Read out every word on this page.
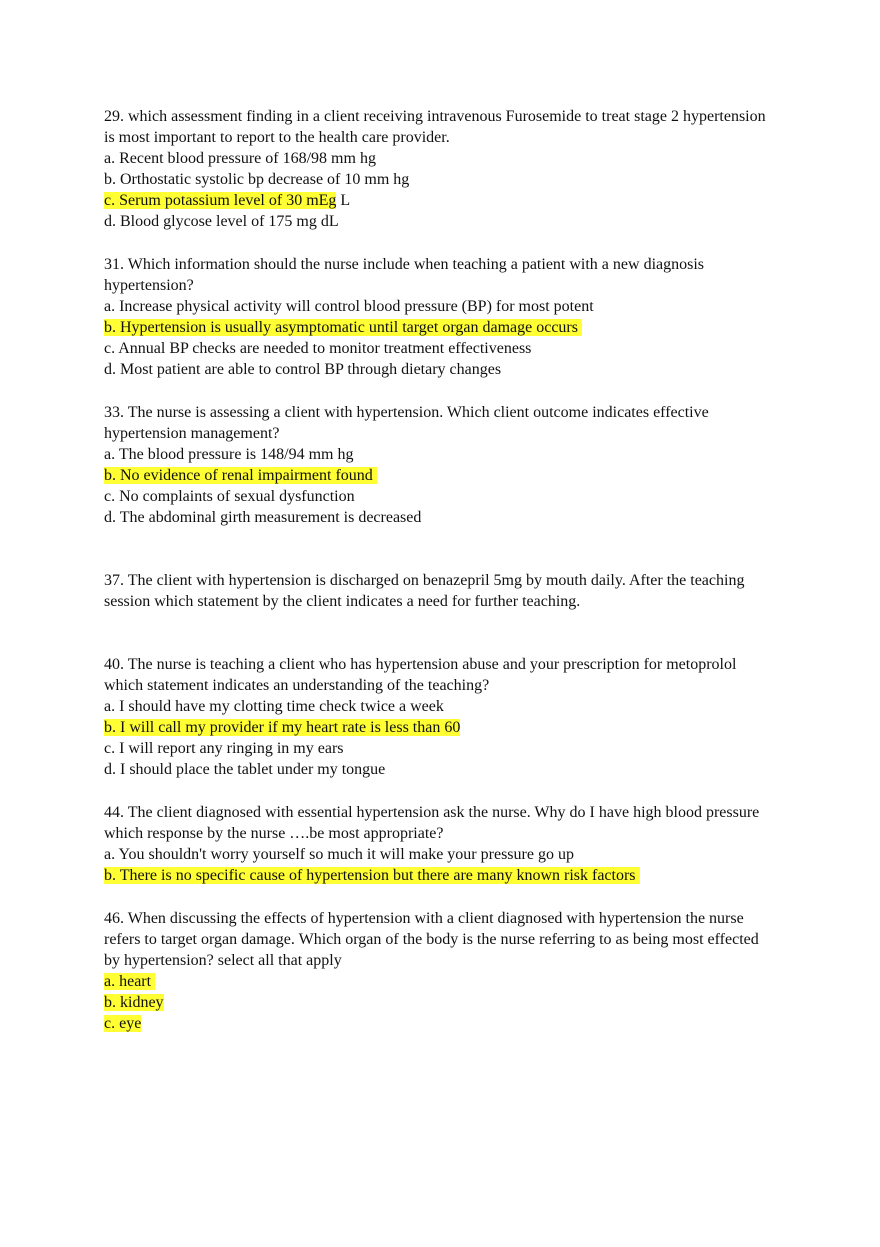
29. which assessment finding in a client receiving intravenous Furosemide to treat stage 2 hypertension is most important to report to the health care provider.

a. Recent blood pressure of 168/98 mm hg

b. Orthostatic systolic bp decrease of 10 mm hg

c. Serum potassium level of 30 mEg L

d. Blood glycose level of 175 mg dL

31. Which information should the nurse include when teaching a patient with a new diagnosis hypertension?

a. Increase physical activity will control blood pressure (BP) for most potent

b. Hypertension is usually asymptomatic until target organ damage occurs

c. Annual BP checks are needed to monitor treatment effectiveness

d. Most patient are able to control BP through dietary changes

33. The nurse is assessing a client with hypertension. Which client outcome indicates effective hypertension management?

a. The blood pressure is 148/94 mm hg

b. No evidence of renal impairment found

c. No complaints of sexual dysfunction

d. The abdominal girth measurement is decreased

37. The client with hypertension is discharged on benazepril 5mg by mouth daily. After the teaching session which statement by the client indicates a need for further teaching.

40. The nurse is teaching a client who has hypertension abuse and your prescription for metoprolol which statement indicates an understanding of the teaching?

a. I should have my clotting time check twice a week

b. I will call my provider if my heart rate is less than 60

c. I will report any ringing in my ears

d. I should place the tablet under my tongue

44. The client diagnosed with essential hypertension ask the nurse. Why do I have high blood pressure which response by the nurse ….be most appropriate?

a. You shouldn't worry yourself so much it will make your pressure go up

b. There is no specific cause of hypertension but there are many known risk factors

46. When discussing the effects of hypertension with a client diagnosed with hypertension the nurse refers to target organ damage. Which organ of the body is the nurse referring to as being most effected by hypertension? select all that apply

a. heart

b. kidney

c. eye
